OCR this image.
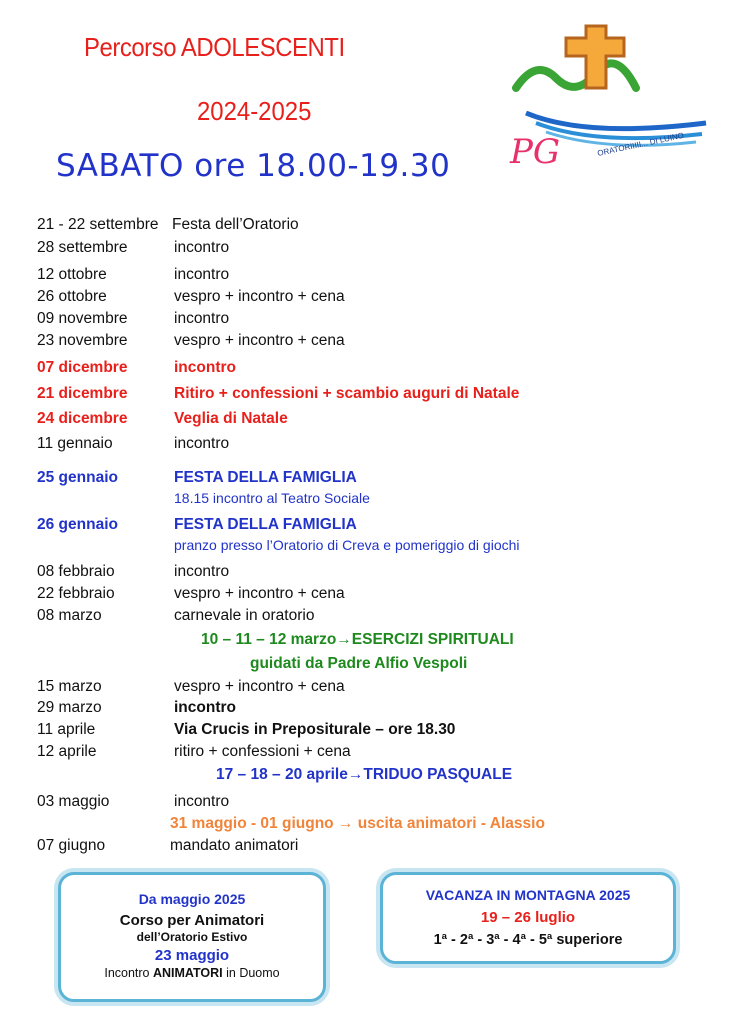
Percorso ADOLESCENTI
2024-2025
SABATO ore 18.00-19.30 PG	ORATORIIIII... DI LUINO
21 - 22 settembre Festa dell’Oratorio
28 settembre	incontro
12 ottobre	incontro
26 ottobre	vespro + incontro + cena
09 novembre	incontro
23 novembre	vespro + incontro + cena
07 dicembre	incontro
21 dicembre	Ritiro + confessioni + scambio auguri di Natale
24 dicembre	Veglia di Natale
11 gennaio	incontro
25 gennaio	FESTA DELLA FAMIGLIA
18.15 incontro al Teatro Sociale
26 gennaio	FESTA DELLA FAMIGLIA
pranzo presso l’Oratorio di Creva e pomeriggio di giochi
08 febbraio	incontro
22 febbraio	vespro + incontro + cena
08 marzo	carnevale in oratorio
10 – 11 – 12 marzo→ESERCIZI SPIRITUALI
guidati da Padre Alfio Vespoli
15 marzo	vespro + incontro + cena
29 marzo	incontro
11 aprile	Via Crucis in Prepositurale – ore 18.30
12 aprile	ritiro + confessioni + cena
17 – 18 – 20 aprile→TRIDUO PASQUALE
03 maggio	incontro
31 maggio - 01 giugno → uscita animatori - Alassio
07 giugno	mandato animatori
Da maggio 2025
Corso per Animatori
dell’Oratorio Estivo
23 maggio
Incontro ANIMATORI in Duomo
VACANZA IN MONTAGNA 2025
19 – 26 luglio
1ª - 2ª - 3ª - 4ª - 5ª superiore
